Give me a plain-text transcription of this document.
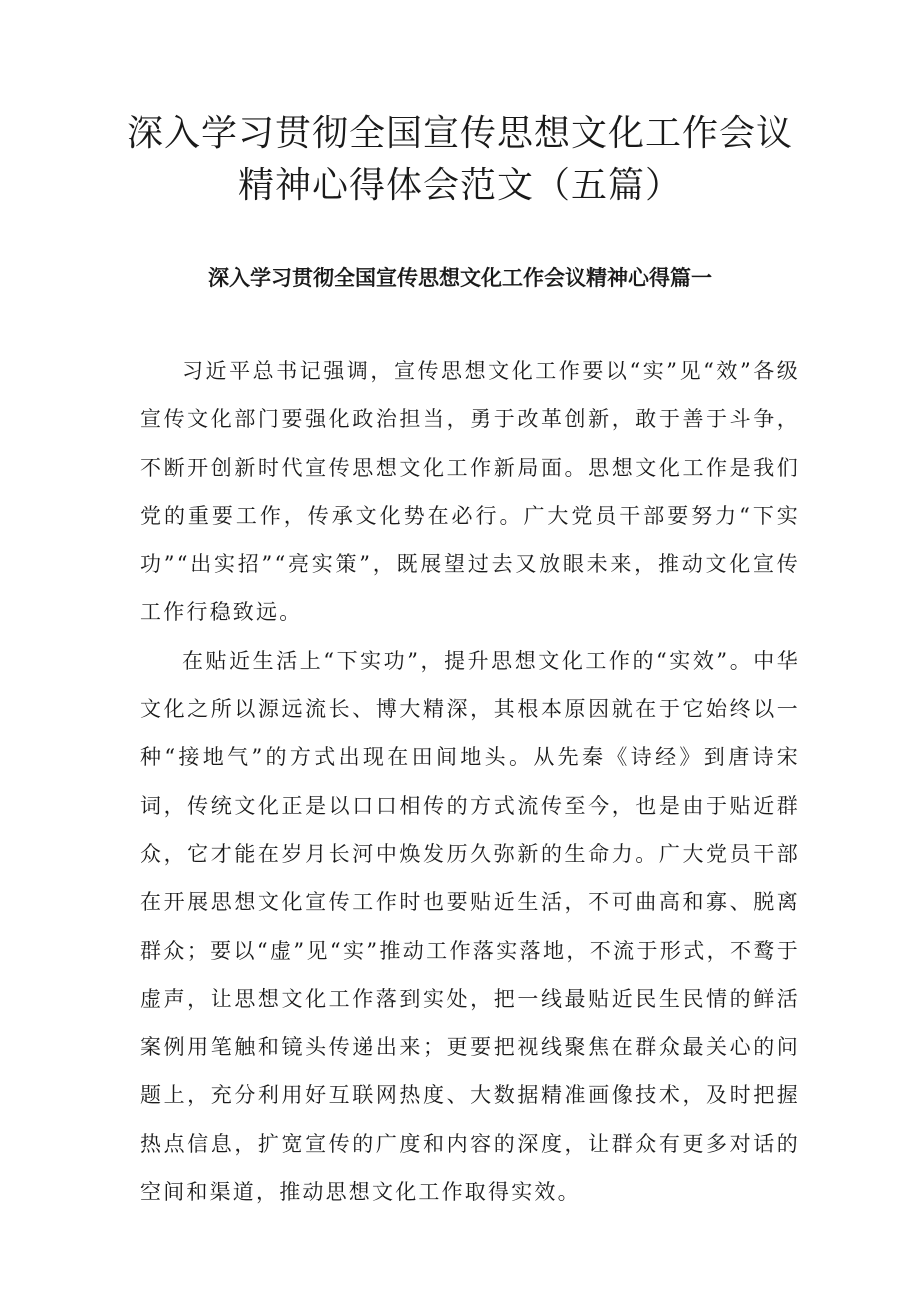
深入学习贯彻全国宣传思想文化工作会议
精神心得体会范文（五篇）
深入学习贯彻全国宣传思想文化工作会议精神心得篇一

习近平总书记强调，宣传思想文化工作要以“实”见“效”各级宣传文化部门要强化政治担当，勇于改革创新，敢于善于斗争，不断开创新时代宣传思想文化工作新局面。思想文化工作是我们党的重要工作，传承文化势在必行。广大党员干部要努力“下实功”“出实招”“亮实策”，既展望过去又放眼未来，推动文化宣传工作行稳致远。

在贴近生活上“下实功”，提升思想文化工作的“实效”。中华文化之所以源远流长、博大精深，其根本原因就在于它始终以一种“接地气”的方式出现在田间地头。从先秦《诗经》到唐诗宋词，传统文化正是以口口相传的方式流传至今，也是由于贴近群众，它才能在岁月长河中焕发历久弥新的生命力。广大党员干部在开展思想文化宣传工作时也要贴近生活，不可曲高和寡、脱离群众；要以“虚”见“实”推动工作落实落地，不流于形式，不鹜于虚声，让思想文化工作落到实处，把一线最贴近民生民情的鲜活案例用笔触和镜头传递出来；更要把视线聚焦在群众最关心的问题上，充分利用好互联网热度、大数据精准画像技术，及时把握热点信息，扩宽宣传的广度和内容的深度，让群众有更多对话的空间和渠道，推动思想文化工作取得实效。
